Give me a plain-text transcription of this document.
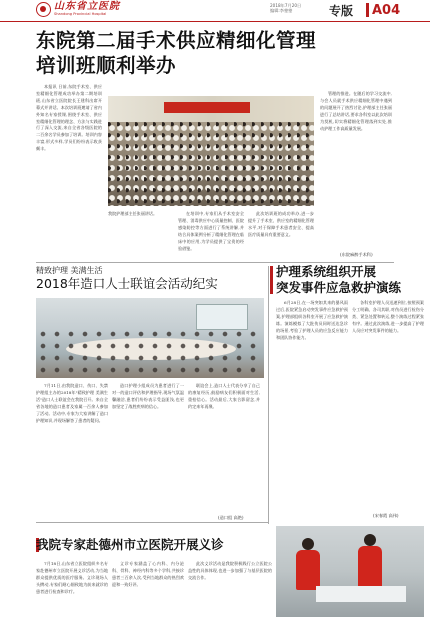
山东省立医院
Shandong Provincial Hospital
2018年7月20日
编辑:李蓥蓥	专版 A04
东院第二届手术供应精细化管理
培训班顺利举办
本报讯 日前,东院手术室、供应室精细化管理成功举办第二期培训班,山东省立医院院长王建科出席开幕式并讲话。本次培训班邀请了省内外知名专家授课,围绕手术室、供应室精细化管理的理念、方法与实践进行了深入交流,来自全省各级医院的二百余名学员参加了培训。培训内容丰富,形式多样,学员们纷纷表示收获颇丰。
我院护理部主任张丽讲话。	在培训中,专家们从手术室安全管理、消毒供应中心质量控制、医院感染防控等方面进行了系统讲解,并结合具体案例分析了精细化管理在临床中的应用,为学员提供了宝贵的经验借鉴。
此次培训班的成功举办,进一步提升了手术室、供应室的精细化管理水平,对于保障手术患者安全、提高医疗质量具有重要意义。
管理的推进。在随后的学习交流中,与会人员就手术供应精细化管理中遇到的问题展开了热烈讨论,护理部主任张丽进行了总结讲话,要求各科室以此次培训为契机,切实将精细化管理落到实处,推动护理工作高质量发展。
(东院麻醉手术科)
精致护理 美满生活
2018年造口人士联谊会活动纪实
7月11日,由我院造口、伤口、失禁护理组主办的2018年"精致护理 美满生活"造口人士联谊会在我院召开。来自全省各地的造口患者及家属一百余人参加了活动。活动中,专家为大家讲解了造口护理知识,并现场解答了患者的疑问。
造口护理小组成员为患者进行了一对一的造口评估和护理指导,现场气氛温馨融洽,患者们纷纷表示受益匪浅,也更加坚定了战胜疾病的信心。
联谊会上,造口人士代表分享了自己的康复经历,鼓励病友们积极面对生活,重拾信心。活动最后,大家合影留念,并约定来年再聚。
(造口组 高艳)
护理系统组织开展
突发事件应急救护演练
6月28日,在一场突如其来的暴风雨过后,医院紧急启动突发事件应急救护预案,护理部组织各科室开展了应急救护演练。演练模拟了大批伤员同时送达急诊的场景,考验了护理人员的应急反应能力和团队协作能力。
各科室护理人员迅速到位,按照预案分工明确、各司其职,对伤员进行检伤分类、紧急处置和转运,整个演练过程紧张有序。通过此次演练,进一步提高了护理人员应对突发事件的能力。
(宋春霞 高伟)
我院专家赴德州市立医院开展义诊
7月18日,山东省立医院组织多名专家赴德州市立医院开展义诊活动,为当地群众提供优质的医疗服务。义诊现场人头攒动,专家们耐心细致地为前来就诊的患者进行检查和诊疗。
义诊专家涵盖了心内科、内分泌科、骨科、神经内科等多个学科,共接诊患者三百余人次,受到当地群众的热烈欢迎和一致好评。
此次义诊活动是我院积极践行公立医院公益性的具体体现,也进一步加强了与基层医院的交流合作。
